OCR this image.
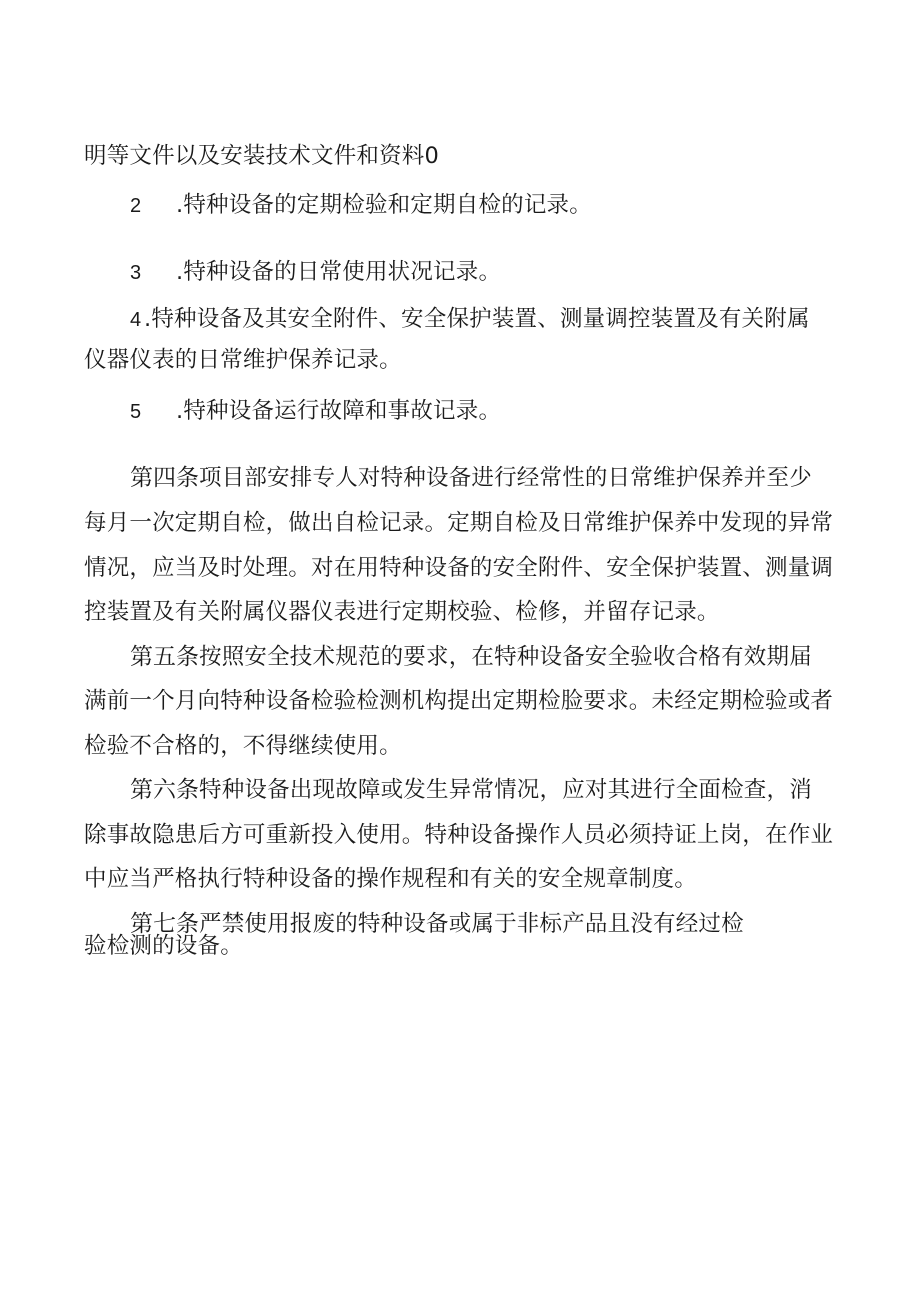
明等文件以及安装技术文件和资料0
2 .特种设备的定期检验和定期自检的记录。
3 .特种设备的日常使用状况记录。
4 .特种设备及其安全附件、安全保护装置、测量调控装置及有关附属
仪器仪表的日常维护保养记录。
5 .特种设备运行故障和事故记录。
第四条项目部安排专人对特种设备进行经常性的日常维护保养并至少
每月一次定期自检，做出自检记录。定期自检及日常维护保养中发现的异常
情况，应当及时处理。对在用特种设备的安全附件、安全保护装置、测量调
控装置及有关附属仪器仪表进行定期校验、检修，并留存记录。
第五条按照安全技术规范的要求，在特种设备安全验收合格有效期届
满前一个月向特种设备检验检测机构提出定期检脸要求。未经定期检验或者
检验不合格的，不得继续使用。
第六条特种设备出现故障或发生异常情况，应对其进行全面检查，消
除事故隐患后方可重新投入使用。特种设备操作人员必须持证上岗，在作业
中应当严格执行特种设备的操作规程和有关的安全规章制度。
第七条严禁使用报废的特种设备或属于非标产品且没有经过检
验检测的设备。
